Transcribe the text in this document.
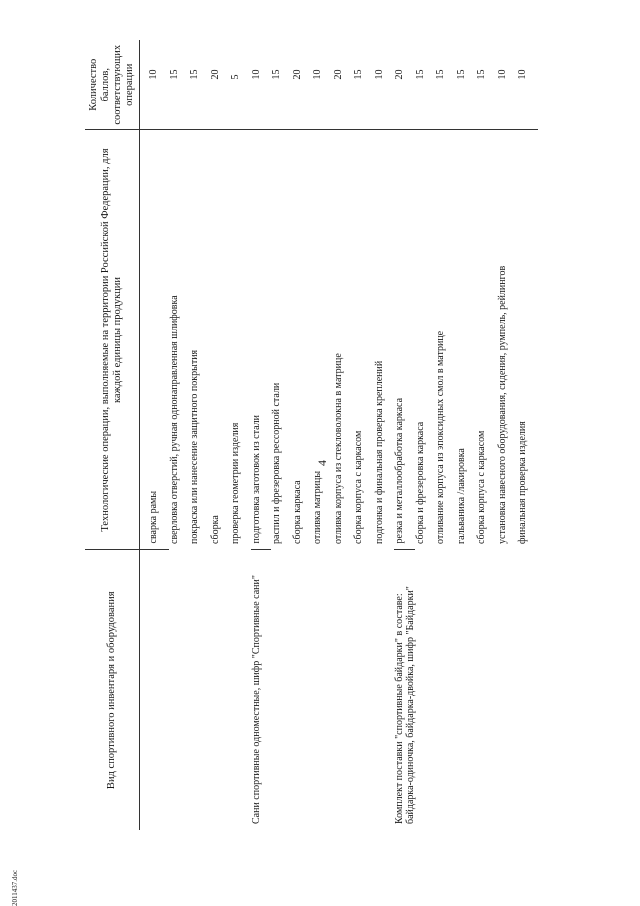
4
2011437.doc
Вид спортивного инвентаря и оборудования	Технологические операции, выполняемые на территории Российской Федерации, для каждой единицы продукции	Количество баллов, соответствующих операции
	сварка рамы	10
	сверловка отверстий, ручная однонаправленная шлифовка	15
	покраска или нанесение защитного покрытия	15
	сборка	20
	проверка геометрии изделия	5
Сани спортивные одноместные, шифр "Спортивные сани"	подготовка заготовок из стали	10
	распил и фрезеровка рессорной стали	15
	сборка каркаса	20
	отливка матрицы	10
	отливка корпуса из стекловолокна в матрице	20
	сборка корпуса с каркасом	15
	подгонка и финальная проверка креплений	10
Комплект поставки "спортивные байдарки" в составе: байдарка-одиночка, байдарка-двойка, шифр "Байдарки"	резка и металлообработка каркаса	20
	сборка и фрезеровка каркаса	15
	отливание корпуса из эпоксидных смол в матрице	15
	гальваника /лакировка	15
	сборка корпуса с каркасом	15
	установка навесного оборудования, сидения, румпель, рейлингов	10
	финальная проверка изделия	10
